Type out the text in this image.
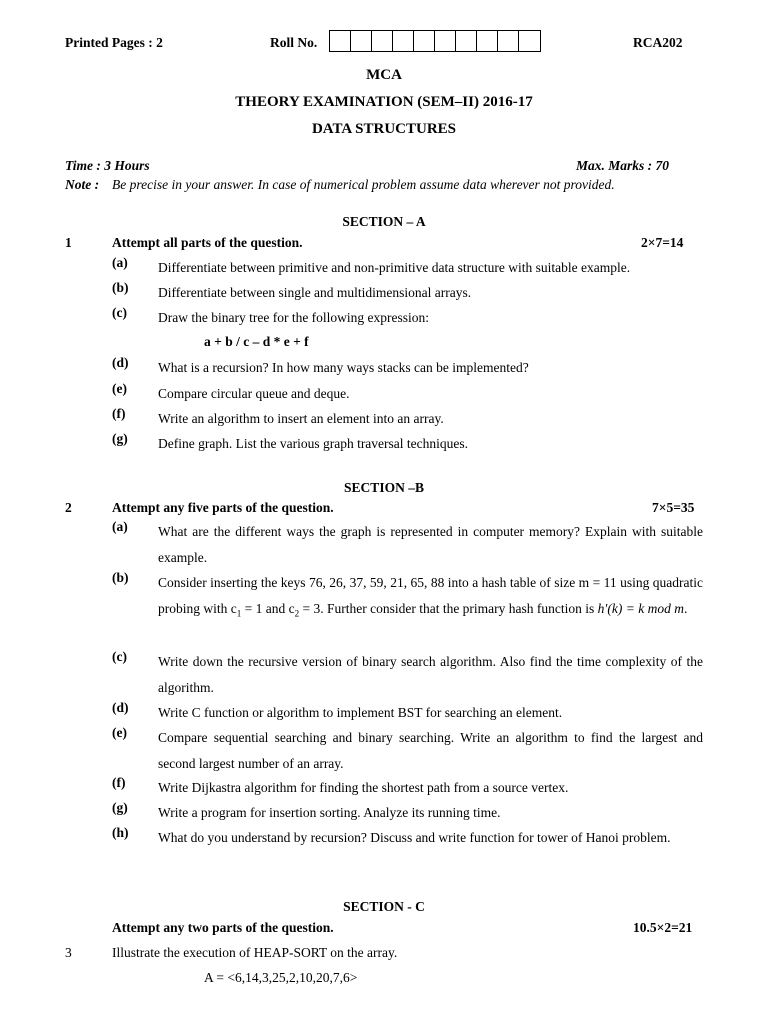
Printed Pages : 2	Roll No.	RCA202
MCA
THEORY EXAMINATION (SEM–II) 2016-17
DATA STRUCTURES
Time : 3 Hours	Max. Marks : 70
Note : Be precise in your answer. In case of numerical problem assume data wherever not provided.
SECTION – A
1	Attempt all parts of the question.	2×7=14
(a) Differentiate between primitive and non-primitive data structure with suitable example.
(b) Differentiate between single and multidimensional arrays.
(c) Draw the binary tree for the following expression:
a + b / c – d * e + f
(d) What is a recursion? In how many ways stacks can be implemented?
(e) Compare circular queue and deque.
(f) Write an algorithm to insert an element into an array.
(g) Define graph. List the various graph traversal techniques.
SECTION –B
2	Attempt any five parts of the question.	7×5=35
(a) What are the different ways the graph is represented in computer memory? Explain with suitable example.
(b) Consider inserting the keys 76, 26, 37, 59, 21, 65, 88 into a hash table of size m = 11 using quadratic probing with $c_1 = 1$ and $c_2 = 3$. Further consider that the primary hash function is h′(k) = k mod m.
(c) Write down the recursive version of binary search algorithm. Also find the time complexity of the algorithm.
(d) Write C function or algorithm to implement BST for searching an element.
(e) Compare sequential searching and binary searching. Write an algorithm to find the largest and second largest number of an array.
(f) Write Dijkastra algorithm for finding the shortest path from a source vertex.
(g) Write a program for insertion sorting. Analyze its running time.
(h) What do you understand by recursion? Discuss and write function for tower of Hanoi problem.
SECTION - C
Attempt any two parts of the question.	10.5×2=21
3	Illustrate the execution of HEAP-SORT on the array.
A = <6,14,3,25,2,10,20,7,6>
